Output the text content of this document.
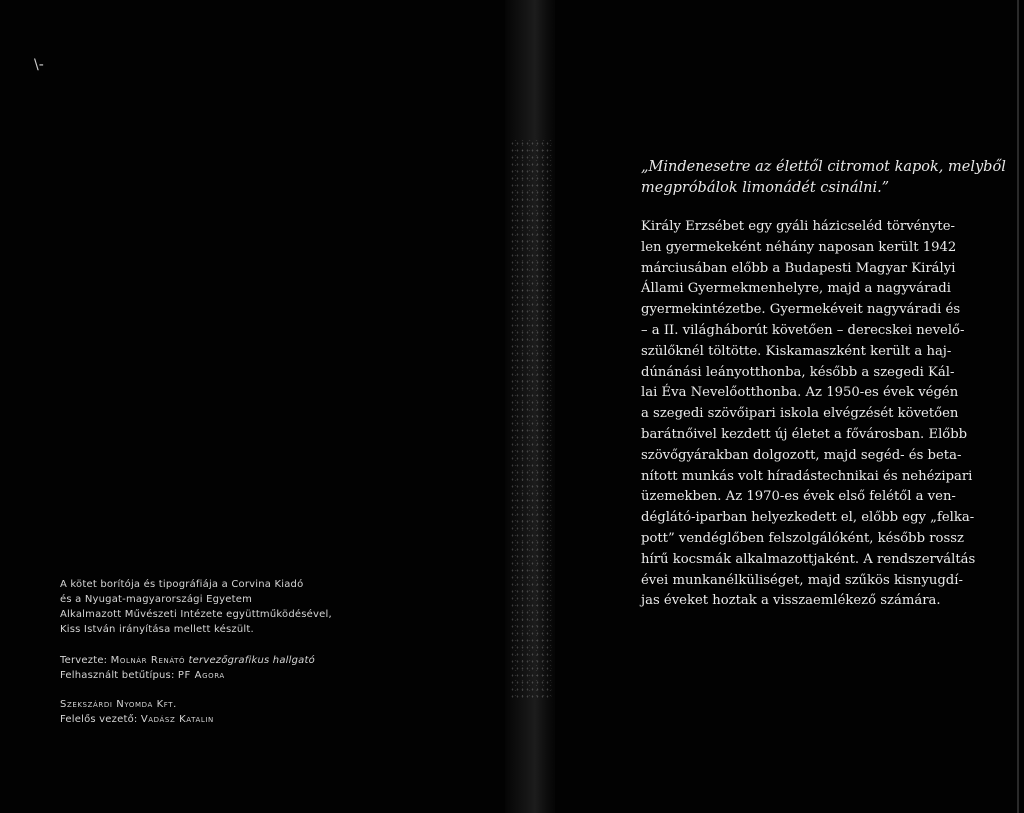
\-
A kötet borítója és tipográfiája a Corvina Kiadó
és a Nyugat-magyarországi Egyetem
Alkalmazott Művészeti Intézete együttműködésével,
Kiss István irányítása mellett készült.
Tervezte: Molnár Renátó tervezőgrafikus hallgató
Felhasznált betűtípus: PF Agora
Szekszárdi Nyomda Kft.
Felelős vezető: Vadász Katalin
„Mindenesetre az élettől citromot kapok, melyből
megpróbálok limonádét csinálni.”
Király Erzsébet egy gyáli házicseléd törvényte-
len gyermekeként néhány naposan került 1942
márciusában előbb a Budapesti Magyar Királyi
Állami Gyermekmenhelyre, majd a nagyváradi
gyermekintézetbe. Gyermekéveit nagyváradi és
– a II. világháborút követően – derecskei nevelő-
szülőknél töltötte. Kiskamaszként került a haj-
dúnánási leányotthonba, később a szegedi Kál-
lai Éva Nevelőotthonba. Az 1950-es évek végén
a szegedi szövőipari iskola elvégzését követően
barátnőivel kezdett új életet a fővárosban. Előbb
szövőgyárakban dolgozott, majd segéd- és beta-
nított munkás volt híradástechnikai és nehézipari
üzemekben. Az 1970-es évek első felétől a ven-
déglátó-iparban helyezkedett el, előbb egy „felka-
pott” vendéglőben felszolgálóként, később rossz
hírű kocsmák alkalmazottjaként. A rendszerváltás
évei munkanélküliséget, majd szűkös kisnyugdí-
jas éveket hoztak a visszaemlékező számára.
